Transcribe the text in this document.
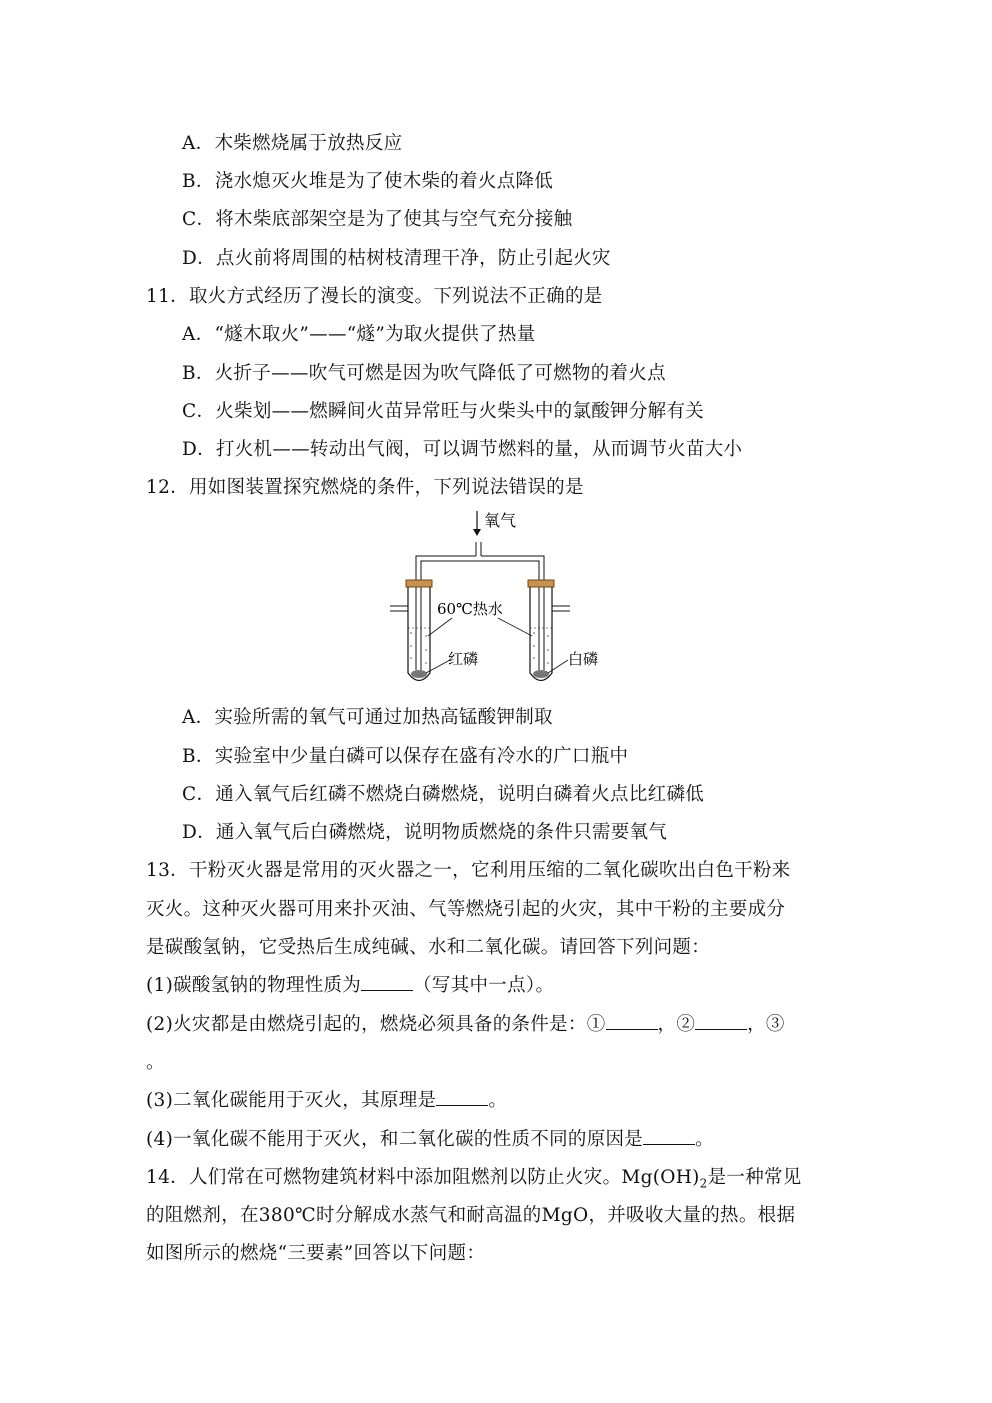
A．木柴燃烧属于放热反应
B．浇水熄灭火堆是为了使木柴的着火点降低
C．将木柴底部架空是为了使其与空气充分接触
D．点火前将周围的枯树枝清理干净，防止引起火灾
11．取火方式经历了漫长的演变。下列说法不正确的是
A．“燧木取火”——“燧”为取火提供了热量
B．火折子——吹气可燃是因为吹气降低了可燃物的着火点
C．火柴划——燃瞬间火苗异常旺与火柴头中的氯酸钾分解有关
D．打火机——转动出气阀，可以调节燃料的量，从而调节火苗大小
12．用如图装置探究燃烧的条件，下列说法错误的是
氧气
60℃热水
红磷	白磷
A．实验所需的氧气可通过加热高锰酸钾制取
B．实验室中少量白磷可以保存在盛有冷水的广口瓶中
C．通入氧气后红磷不燃烧白磷燃烧，说明白磷着火点比红磷低
D．通入氧气后白磷燃烧，说明物质燃烧的条件只需要氧气
13．干粉灭火器是常用的灭火器之一，它利用压缩的二氧化碳吹出白色干粉来
灭火。这种灭火器可用来扑灭油、气等燃烧引起的火灾，其中干粉的主要成分
是碳酸氢钠，它受热后生成纯碱、水和二氧化碳。请回答下列问题：
(1)碳酸氢钠的物理性质为	（写其中一点）。
(2)火灾都是由燃烧引起的，燃烧必须具备的条件是：①	，②	，③
。
(3)二氧化碳能用于灭火，其原理是	。
(4)一氧化碳不能用于灭火，和二氧化碳的性质不同的原因是	。
14．人们常在可燃物建筑材料中添加阻燃剂以防止火灾。$Mg(OH)_2$是一种常见
的阻燃剂，在380℃时分解成水蒸气和耐高温的MgO，并吸收大量的热。根据
如图所示的燃烧“三要素”回答以下问题：
